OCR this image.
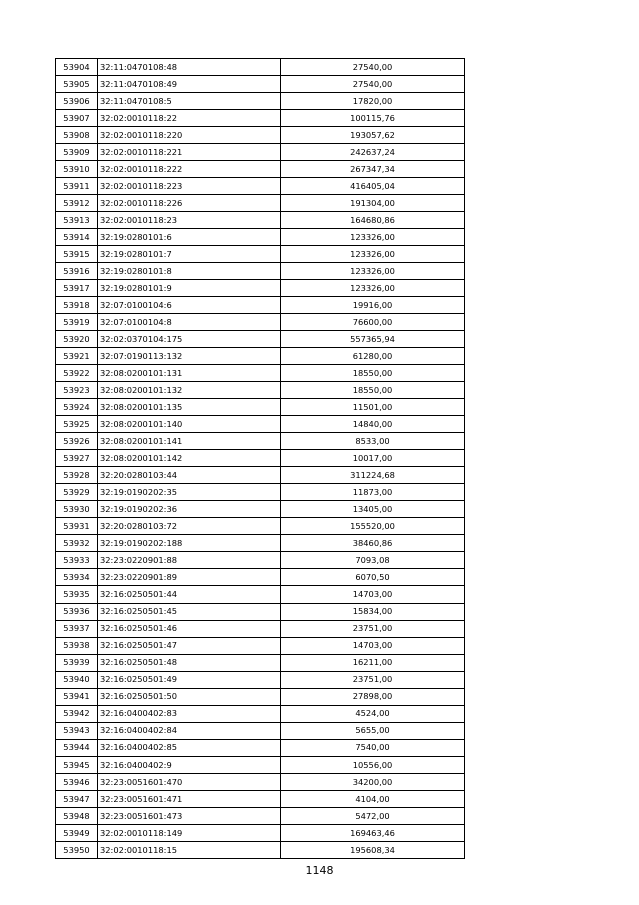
53904	32:11:0470108:48	27540,00
53905	32:11:0470108:49	27540,00
53906	32:11:0470108:5	17820,00
53907	32:02:0010118:22	100115,76
53908	32:02:0010118:220	193057,62
53909	32:02:0010118:221	242637,24
53910	32:02:0010118:222	267347,34
53911	32:02:0010118:223	416405,04
53912	32:02:0010118:226	191304,00
53913	32:02:0010118:23	164680,86
53914	32:19:0280101:6	123326,00
53915	32:19:0280101:7	123326,00
53916	32:19:0280101:8	123326,00
53917	32:19:0280101:9	123326,00
53918	32:07:0100104:6	19916,00
53919	32:07:0100104:8	76600,00
53920	32:02:0370104:175	557365,94
53921	32:07:0190113:132	61280,00
53922	32:08:0200101:131	18550,00
53923	32:08:0200101:132	18550,00
53924	32:08:0200101:135	11501,00
53925	32:08:0200101:140	14840,00
53926	32:08:0200101:141	8533,00
53927	32:08:0200101:142	10017,00
53928	32:20:0280103:44	311224,68
53929	32:19:0190202:35	11873,00
53930	32:19:0190202:36	13405,00
53931	32:20:0280103:72	155520,00
53932	32:19:0190202:188	38460,86
53933	32:23:0220901:88	7093,08
53934	32:23:0220901:89	6070,50
53935	32:16:0250501:44	14703,00
53936	32:16:0250501:45	15834,00
53937	32:16:0250501:46	23751,00
53938	32:16:0250501:47	14703,00
53939	32:16:0250501:48	16211,00
53940	32:16:0250501:49	23751,00
53941	32:16:0250501:50	27898,00
53942	32:16:0400402:83	4524,00
53943	32:16:0400402:84	5655,00
53944	32:16:0400402:85	7540,00
53945	32:16:0400402:9	10556,00
53946	32:23:0051601:470	34200,00
53947	32:23:0051601:471	4104,00
53948	32:23:0051601:473	5472,00
53949	32:02:0010118:149	169463,46
53950	32:02:0010118:15	195608,34
1148
